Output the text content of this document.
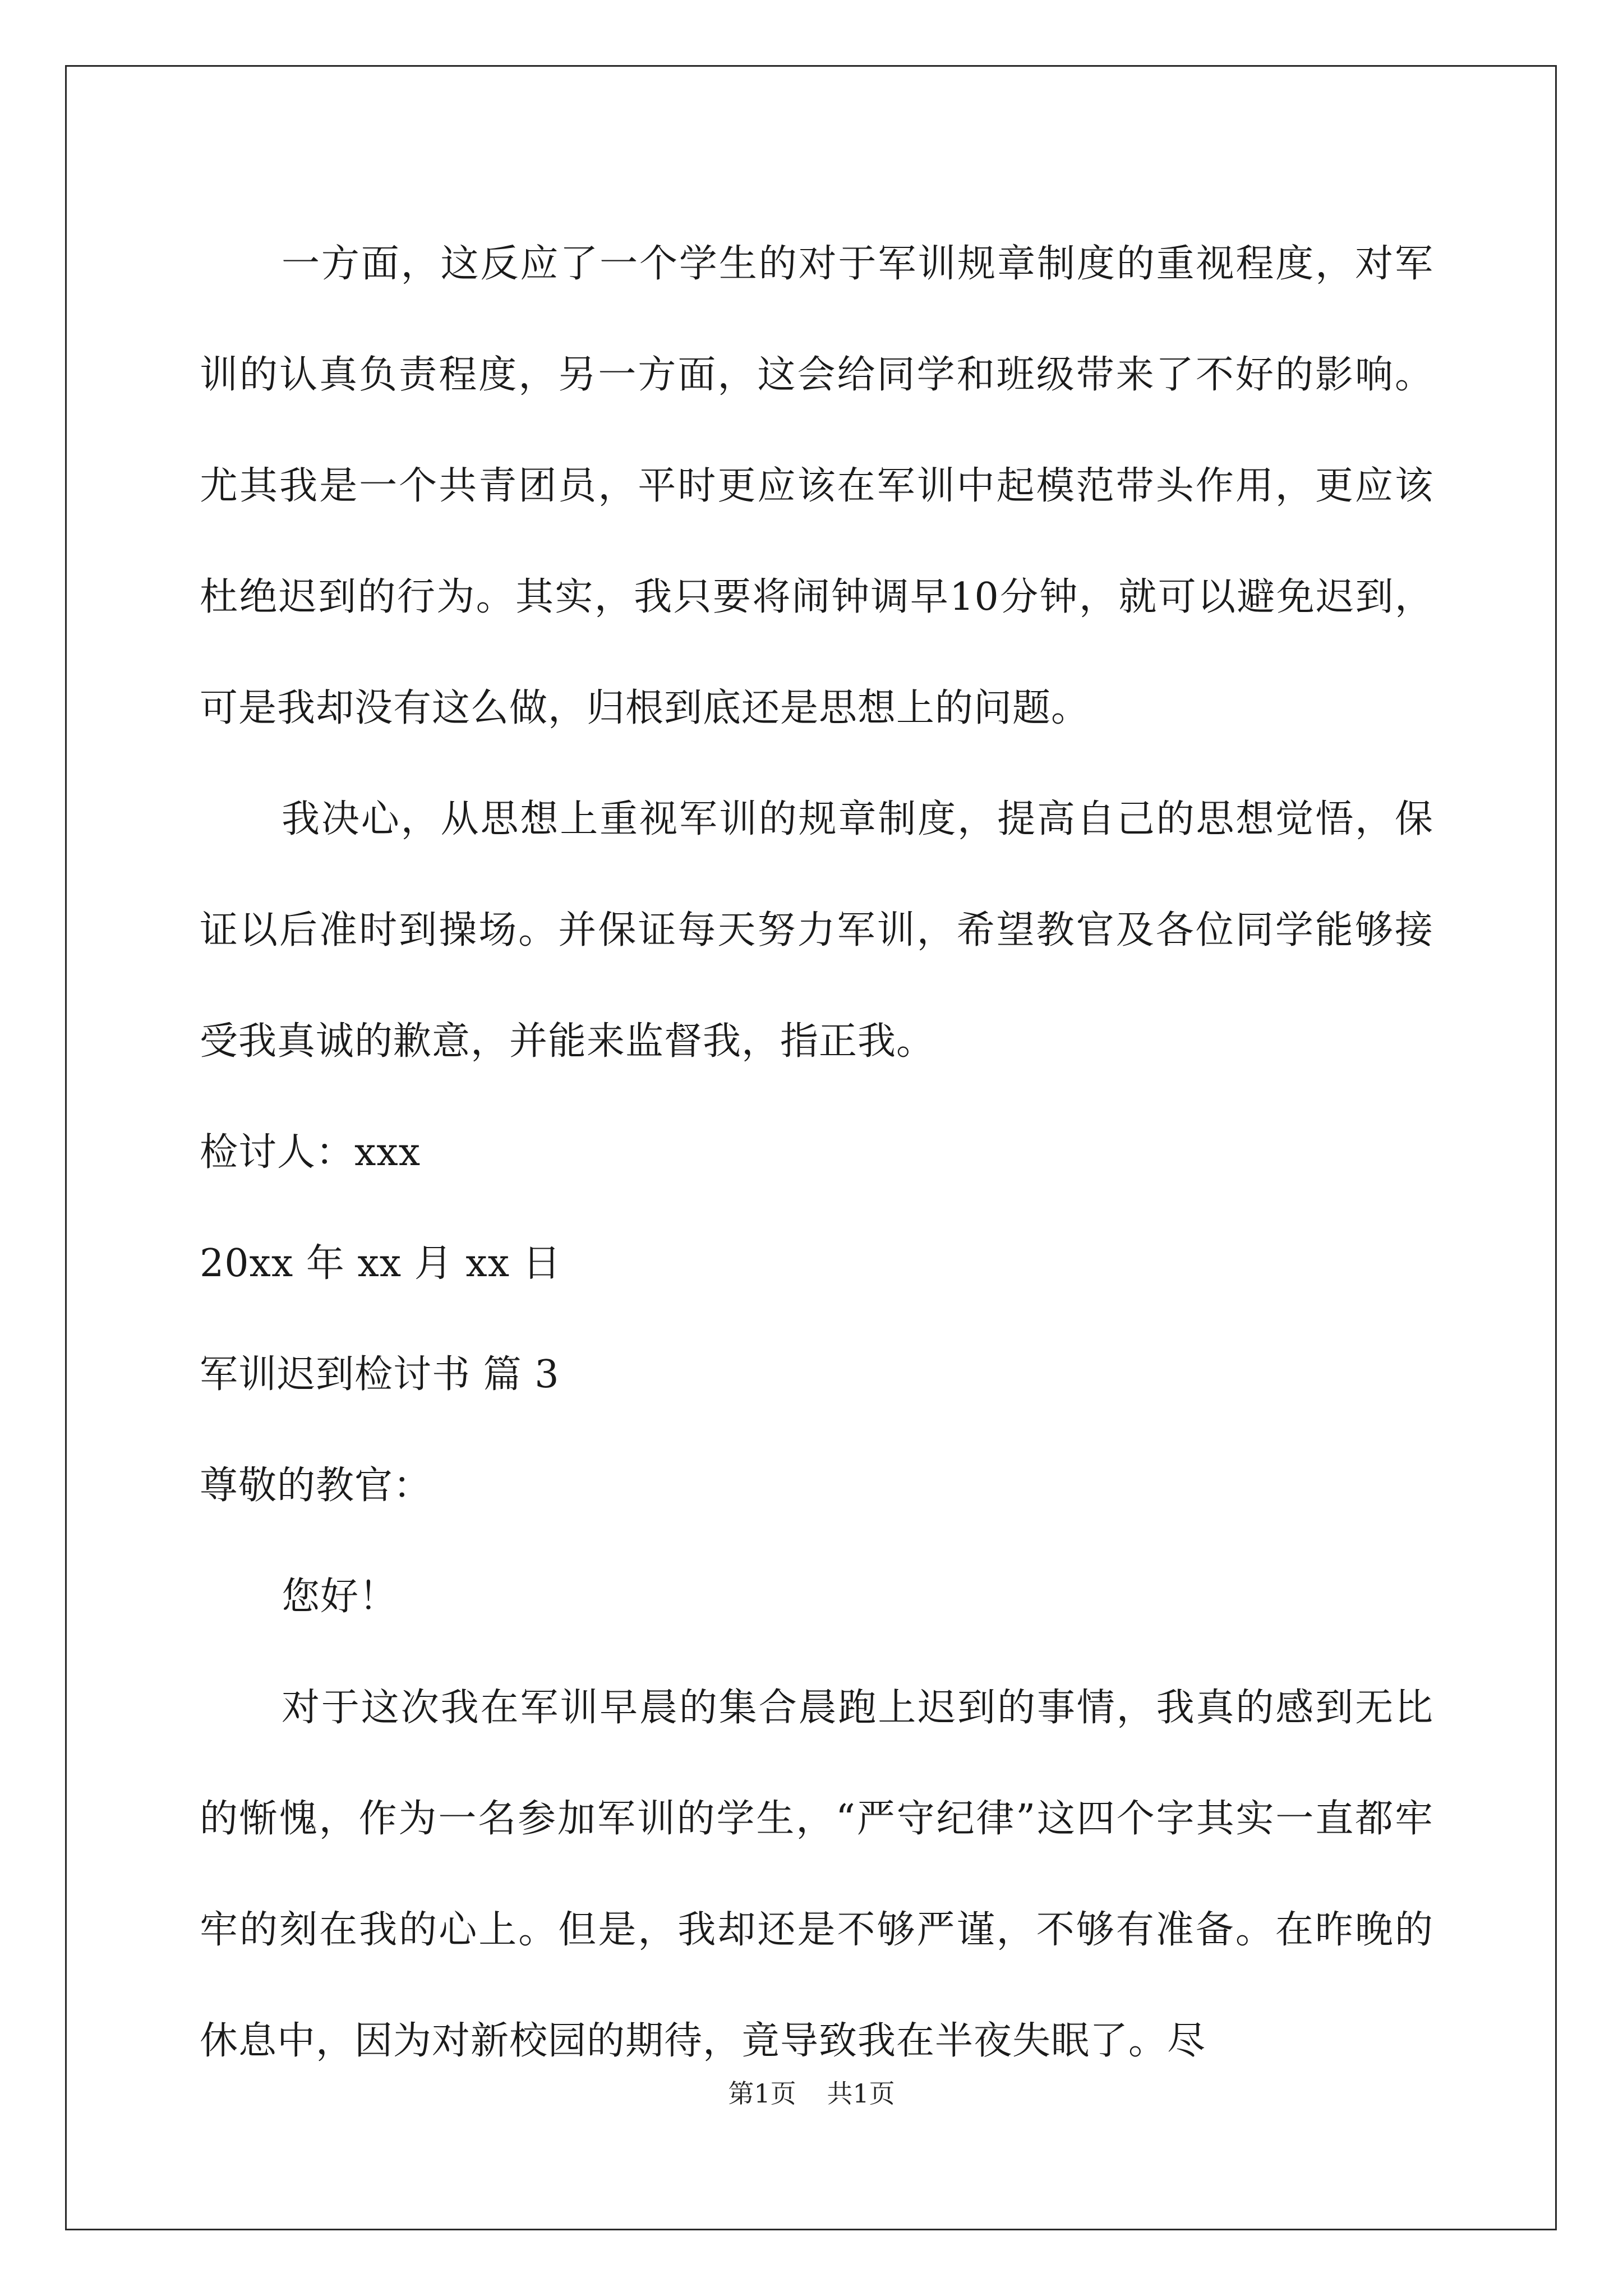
一方面，这反应了一个学生的对于军训规章制度的重视程度，对军训的认真负责程度，另一方面，这会给同学和班级带来了不好的影响。尤其我是一个共青团员，平时更应该在军训中起模范带头作用，更应该杜绝迟到的行为。其实，我只要将闹钟调早10分钟，就可以避免迟到，可是我却没有这么做，归根到底还是思想上的问题。

我决心，从思想上重视军训的规章制度，提高自己的思想觉悟，保证以后准时到操场。并保证每天努力军训，希望教官及各位同学能够接受我真诚的歉意，并能来监督我，指正我。

检讨人：xxx

20xx 年 xx 月 xx 日

军训迟到检讨书 篇 3

尊敬的教官：

您好！

对于这次我在军训早晨的集合晨跑上迟到的事情，我真的感到无比的惭愧，作为一名参加军训的学生，“严守纪律”这四个字其实一直都牢牢的刻在我的心上。但是，我却还是不够严谨，不够有准备。在昨晚的休息中，因为对新校园的期待，竟导致我在半夜失眠了。尽

第1页 共1页
